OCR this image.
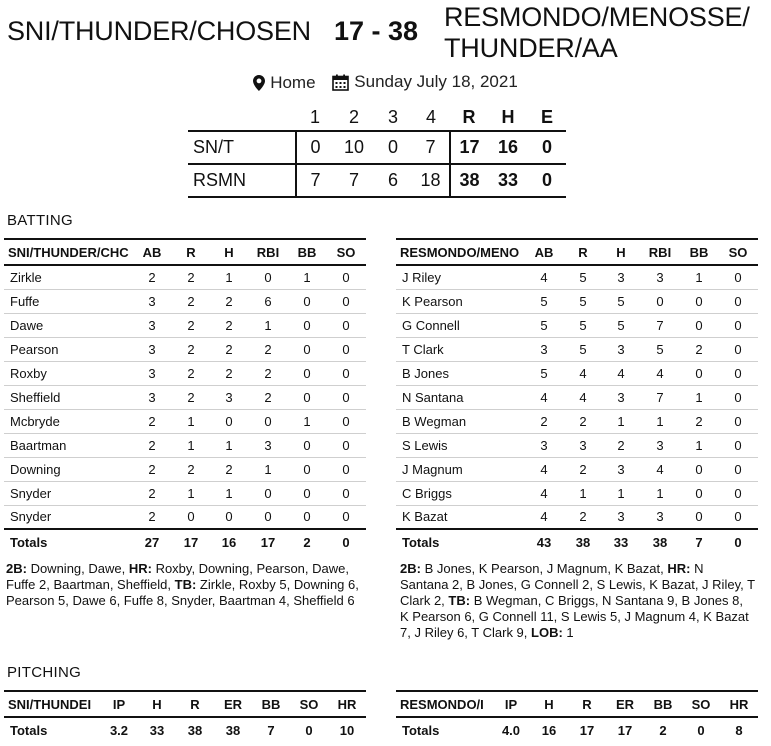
SNI/THUNDER/CHOSEN 17 - 38 RESMONDO/MENOSSE/ THUNDER/AA
Home
Sunday July 18, 2021
	1	2	3	4	R	H	E
SN/T	0	10	0	7	17	16	0
RSMN	7	7	6	18	38	33	0
BATTING
SNI/THUNDER/CHC	AB	R	H	RBI	BB	SO
Zirkle	2	2	1	0	1	0
Fuffe	3	2	2	6	0	0
Dawe	3	2	2	1	0	0
Pearson	3	2	2	2	0	0
Roxby	3	2	2	2	0	0
Sheffield	3	2	3	2	0	0
Mcbryde	2	1	0	0	1	0
Baartman	2	1	1	3	0	0
Downing	2	2	2	1	0	0
Snyder	2	1	1	0	0	0
Snyder	2	0	0	0	0	0
Totals	27	17	16	17	2	0
RESMONDO/MENO	AB	R	H	RBI	BB	SO
J Riley	4	5	3	3	1	0
K Pearson	5	5	5	0	0	0
G Connell	5	5	5	7	0	0
T Clark	3	5	3	5	2	0
B Jones	5	4	4	4	0	0
N Santana	4	4	3	7	1	0
B Wegman	2	2	1	1	2	0
S Lewis	3	3	2	3	1	0
J Magnum	4	2	3	4	0	0
C Briggs	4	1	1	1	0	0
K Bazat	4	2	3	3	0	0
Totals	43	38	33	38	7	0
2B: Downing, Dawe, HR: Roxby, Downing, Pearson, Dawe, Fuffe 2, Baartman, Sheffield, TB: Zirkle, Roxby 5, Downing 6, Pearson 5, Dawe 6, Fuffe 8, Snyder, Baartman 4, Sheffield 6
2B: B Jones, K Pearson, J Magnum, K Bazat, HR: N Santana 2, B Jones, G Connell 2, S Lewis, K Bazat, J Riley, T Clark 2, TB: B Wegman, C Briggs, N Santana 9, B Jones 8, K Pearson 6, G Connell 11, S Lewis 5, J Magnum 4, K Bazat 7, J Riley 6, T Clark 9, LOB: 1
PITCHING
SNI/THUNDEI	IP	H	R	ER	BB	SO	HR
Totals	3.2	33	38	38	7	0	10
RESMONDO/I	IP	H	R	ER	BB	SO	HR
Totals	4.0	16	17	17	2	0	8
